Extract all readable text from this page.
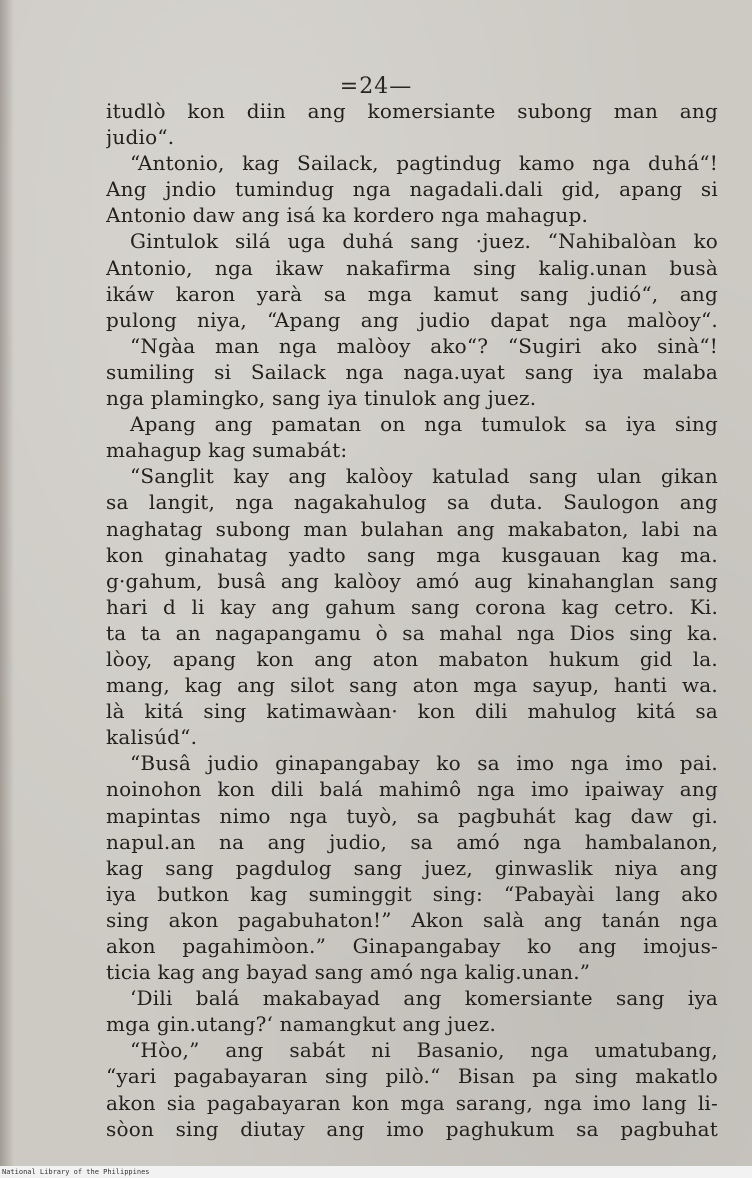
=24—
itudlò kon diin ang komersiante subong man ang
judio“.
“Antonio, kag Sailack, pagtindug kamo nga duhá“!
Ang jndio tumindug nga nagadali.dali gid, apang si
Antonio daw ang isá ka kordero nga mahagup.
Gintulok silá uga duhá sang ·juez. “Nahibalòan ko
Antonio, nga ikaw nakafirma sing kalig.unan busà
ikáw karon yarà sa mga kamut sang judió“, ang
pulong niya, “Apang ang judio dapat nga malòoy“.
“Ngàa man nga malòoy ako“? “Sugiri ako sinà“!
sumiling si Sailack nga naga.uyat sang iya malaba
nga plamingko, sang iya tinulok ang juez.
Apang ang pamatan on nga tumulok sa iya sing
mahagup kag sumabát:
“Sanglit kay ang kalòoy katulad sang ulan gikan
sa langit, nga nagakahulog sa duta. Saulogon ang
naghatag subong man bulahan ang makabaton, labi na
kon ginahatag yadto sang mga kusgauan kag ma.
g·gahum, busâ ang kalòoy amó aug kinahanglan sang
hari d li kay ang gahum sang corona kag cetro. Ki.
ta ta an nagapangamu ò sa mahal nga Dios sing ka.
lòoy, apang kon ang aton mabaton hukum gid la.
mang, kag ang silot sang aton mga sayup, hanti wa.
là kitá sing katimawàan· kon dili mahulog kitá sa
kalisúd“.
“Busâ judio ginapangabay ko sa imo nga imo pai.
noinohon kon dili balá mahimô nga imo ipaiway ang
mapintas nimo nga tuyò, sa pagbuhát kag daw gi.
napul.an na ang judio, sa amó nga hambalanon,
kag sang pagdulog sang juez, ginwaslik niya ang
iya butkon kag suminggit sing: “Pabayài lang ako
sing akon pagabuhaton!” Akon salà ang tanán nga
akon pagahimòon.” Ginapangabay ko ang imojus-
ticia kag ang bayad sang amó nga kalig.unan.”
‘Dili balá makabayad ang komersiante sang iya
mga gin.utang?‘ namangkut ang juez.
“Hòo,” ang sabát ni Basanio, nga umatubang,
“yari pagabayaran sing pilò.“ Bisan pa sing makatlo
akon sia pagabayaran kon mga sarang, nga imo lang li-
sòon sing diutay ang imo paghukum sa pagbuhat
National Library of the Philippines
